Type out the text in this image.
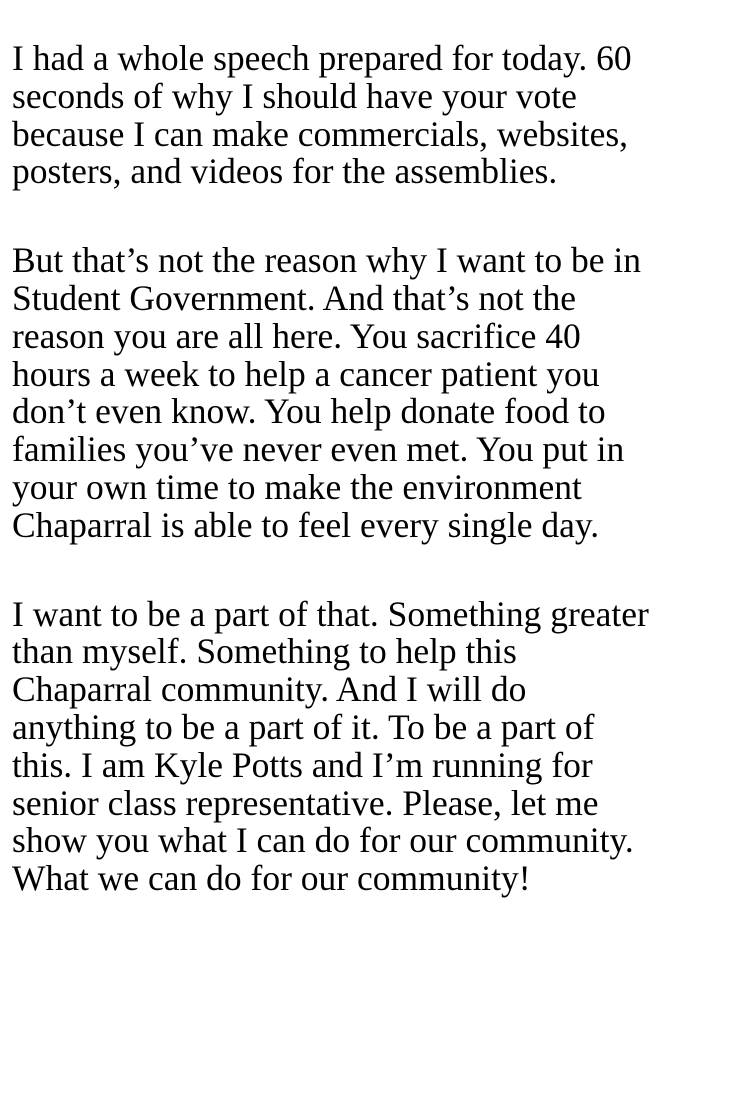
I had a whole speech prepared for today. 60
seconds of why I should have your vote
because I can make commercials, websites,
posters, and videos for the assemblies.

But that’s not the reason why I want to be in
Student Government. And that’s not the
reason you are all here. You sacrifice 40
hours a week to help a cancer patient you
don’t even know. You help donate food to
families you’ve never even met. You put in
your own time to make the environment
Chaparral is able to feel every single day.

I want to be a part of that. Something greater
than myself. Something to help this
Chaparral community. And I will do
anything to be a part of it. To be a part of
this. I am Kyle Potts and I’m running for
senior class representative. Please, let me
show you what I can do for our community.
What we can do for our community!
